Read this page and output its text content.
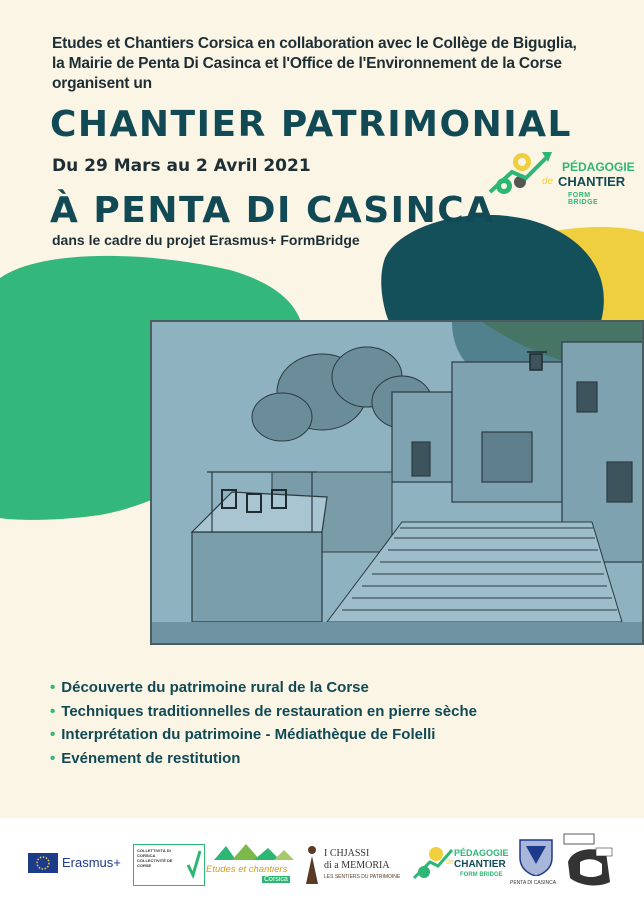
Etudes et Chantiers Corsica en collaboration avec le Collège de Biguglia,
la Mairie de Penta Di Casinca et l'Office de l'Environnement de la Corse
organisent un
CHANTIER PATRIMONIAL
Du 29 Mars au 2 Avril 2021
À PENTA DI CASINCA
dans le cadre du projet Erasmus+ FormBridge
PÉDAGOGIE
de CHANTIER
FORM BRIDGE
• Découverte du patrimoine rural de la Corse
• Techniques traditionnelles de restauration en pierre sèche
• Interprétation du patrimoine - Médiathèque de Folelli
• Evénement de restitution
Erasmus+
COLLETTIVITÀ DI CORSICA COLLECTIVITÉ DE CORSE	Etudes et chantiers
Corsica
I CHJASSI
di a MEMORIA
LES SENTIERS DU PATRIMOINE
PÉDAGOGIE
de CHANTIER
FORM BRIDGE
PENTA DI CASINCA
